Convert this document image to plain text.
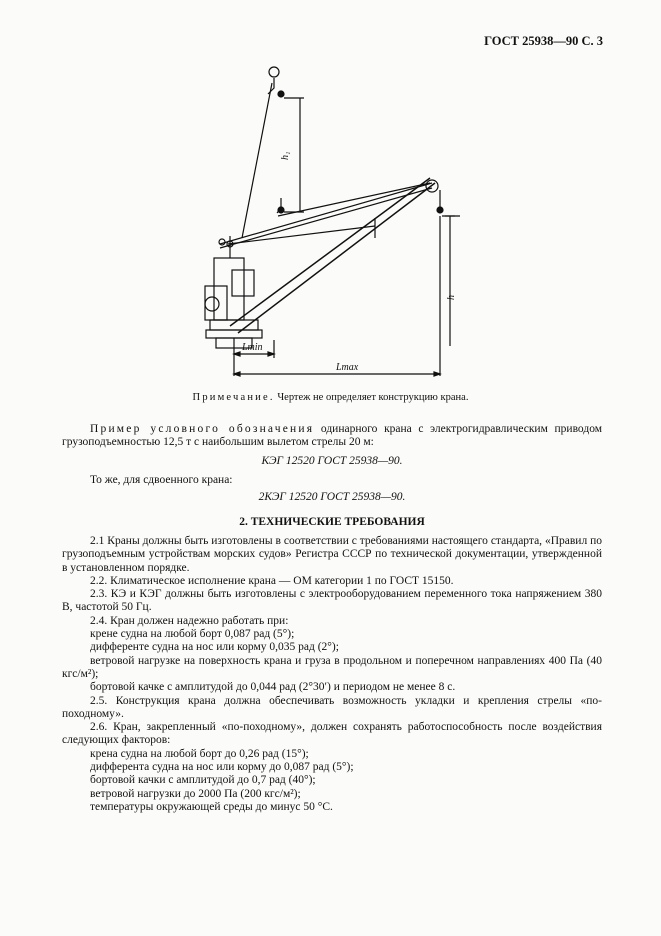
ГОСТ 25938—90 С. 3
h₁
h
Lmin
Lmax
Примечание. Чертеж не определяет конструкцию крана.

Пример условного обозначения одинарного крана с электрогидравлическим приводом грузоподъемностью 12,5 т с наибольшим вылетом стрелы 20 м:

КЭГ 12520 ГОСТ 25938—90.

То же, для сдвоенного крана:

2КЭГ 12520 ГОСТ 25938—90.

2. ТЕХНИЧЕСКИЕ ТРЕБОВАНИЯ

2.1 Краны должны быть изготовлены в соответствии с требованиями настоящего стандарта, «Правил по грузоподъемным устройствам морских судов» Регистра СССР по технической документации, утвержденной в установленном порядке.

2.2. Климатическое исполнение крана — ОМ категории 1 по ГОСТ 15150.

2.3. КЭ и КЭГ должны быть изготовлены с электрооборудованием переменного тока напряжением 380 В, частотой 50 Гц.

2.4. Кран должен надежно работать при:

крене судна на любой борт 0,087 рад (5°);

дифференте судна на нос или корму 0,035 рад (2°);

ветровой нагрузке на поверхность крана и груза в продольном и поперечном направлениях 400 Па (40 кгс/м²);

бортовой качке с амплитудой до 0,044 рад (2°30′) и периодом не менее 8 с.

2.5. Конструкция крана должна обеспечивать возможность укладки и крепления стрелы «по-походному».

2.6. Кран, закрепленный «по-походному», должен сохранять работоспособность после воздействия следующих факторов:

крена судна на любой борт до 0,26 рад (15°);

дифферента судна на нос или корму до 0,087 рад (5°);

бортовой качки с амплитудой до 0,7 рад (40°);

ветровой нагрузки до 2000 Па (200 кгс/м²);

температуры окружающей среды до минус 50 °С.
